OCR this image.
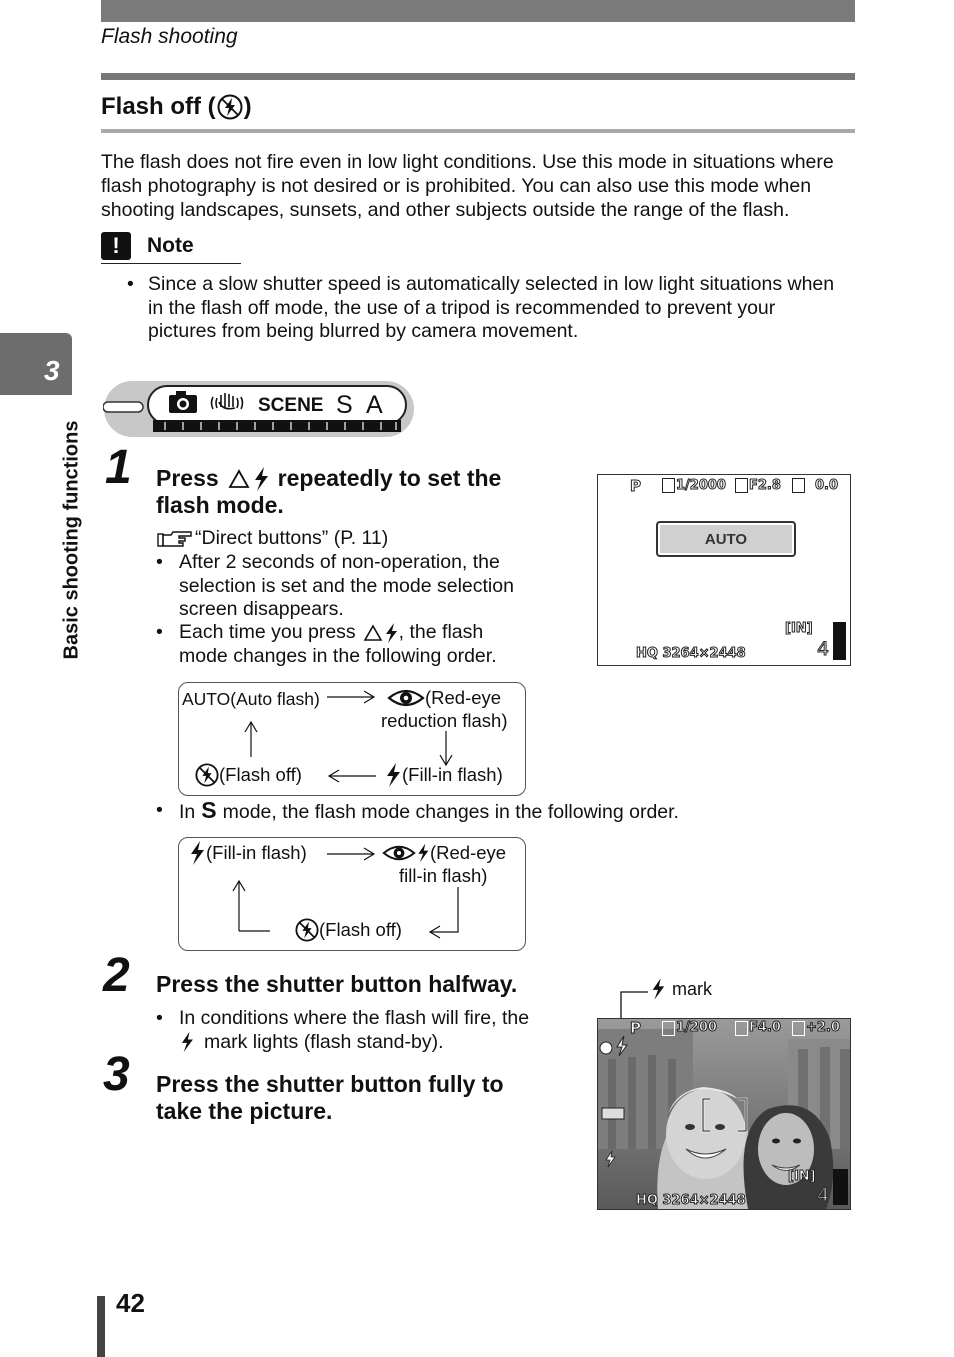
Flash shooting
Flash off ( )
The flash does not fire even in low light conditions. Use this mode in situations where flash photography is not desired or is prohibited. You can also use this mode when shooting landscapes, sunsets, and other subjects outside the range of the flash.
!	Note
• Since a slow shutter speed is automatically selected in low light situations when
in the flash off mode, the use of a tripod is recommended to prevent your
pictures from being blurred by camera movement.
3
Basic shooting functions
SCENE S A
1 Press	repeatedly to set the
flash mode.
“Direct buttons” (P. 11)
• After 2 seconds of non-operation, the
selection is set and the mode selection
screen disappears.
• Each time you press , the flash
mode changes in the following order.
AUTO(Auto flash)	(Red-eye
reduction flash)
(Flash off)	(Fill-in flash)
• In S mode, the flash mode changes in the following order.
(Fill-in flash)	(Red-eye
fill-in flash)
(Flash off)
P	1/2000 F2.8	0.0
AUTO
[IN]
4
HQ 3264×2448
2 Press the shutter button halfway.
• In conditions where the flash will fire, the
mark lights (flash stand-by).
3 Press the shutter button fully to
take the picture.
mark
P	1/200 F4.0 +2.0
[IN]
4
HQ 3264×2448
42
